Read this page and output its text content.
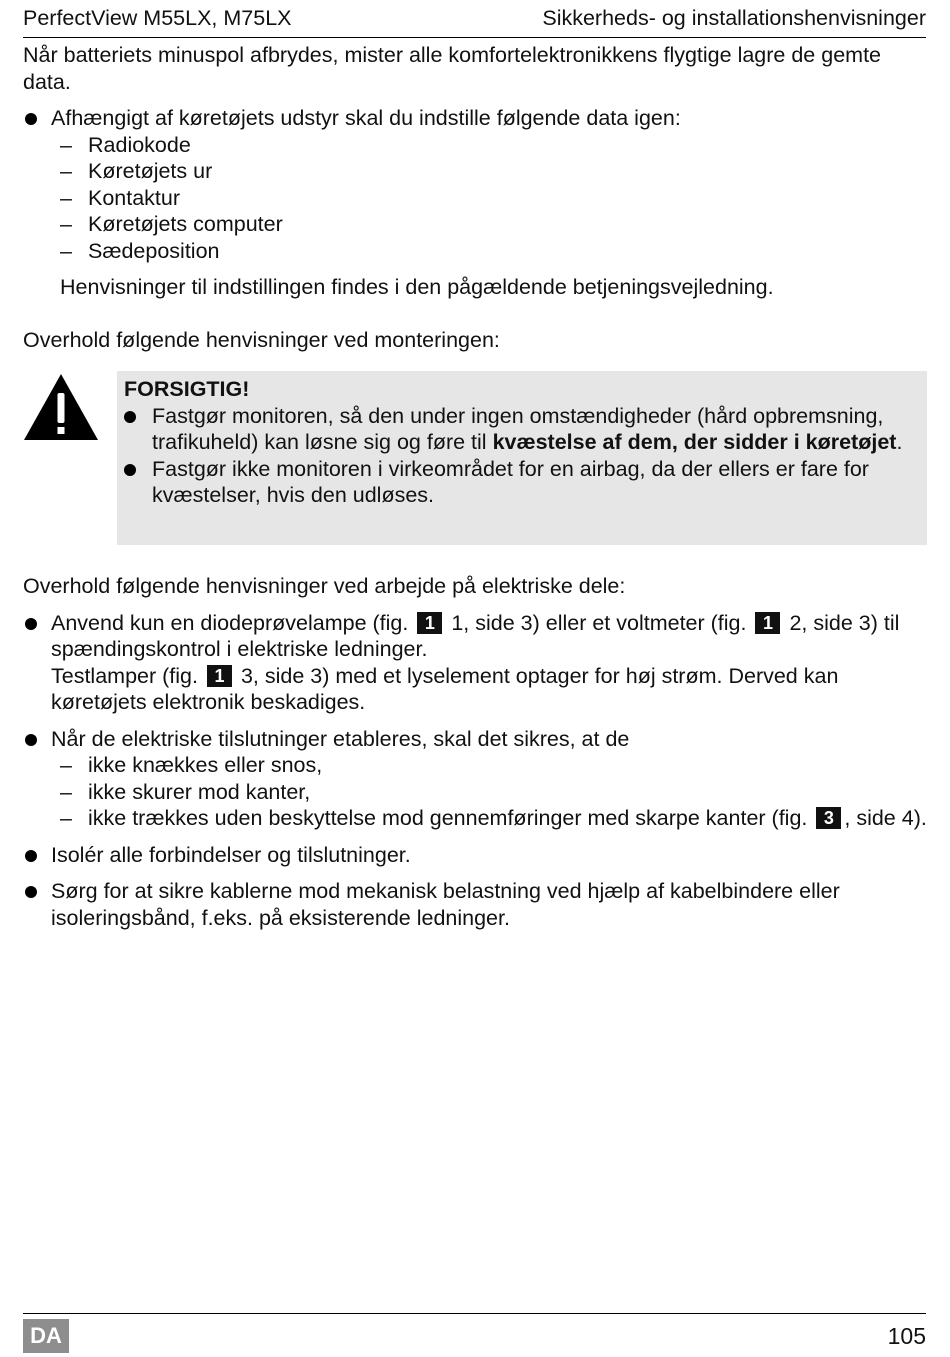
PerfectView M55LX, M75LX	Sikkerheds- og installationshenvisninger

Når batteriets minuspol afbrydes, mister alle komfortelektronikkens flygtige lagre de gemte data.

Afhængigt af køretøjets udstyr skal du indstille følgende data igen:
– Radiokode
– Køretøjets ur
– Kontaktur
– Køretøjets computer
– Sædeposition

Henvisninger til indstillingen findes i den pågældende betjeningsvejledning.

Overhold følgende henvisninger ved monteringen:

FORSIGTIG!
Fastgør monitoren, så den under ingen omstændigheder (hård opbremsning, trafikuheld) kan løsne sig og føre til kvæstelse af dem, der sidder i køretøjet.
Fastgør ikke monitoren i virkeområdet for en airbag, da der ellers er fare for kvæstelser, hvis den udløses.

Overhold følgende henvisninger ved arbejde på elektriske dele:

Anvend kun en diodeprøvelampe (fig. 1 1, side 3) eller et voltmeter (fig. 1 2, side 3) til spændingskontrol i elektriske ledninger.
Testlamper (fig. 1 3, side 3) med et lyselement optager for høj strøm. Derved kan køretøjets elektronik beskadiges.
Når de elektriske tilslutninger etableres, skal det sikres, at de
– ikke knækkes eller snos,
– ikke skurer mod kanter,
– ikke trækkes uden beskyttelse mod gennemføringer med skarpe kanter (fig. 3 , side 4).
Isolér alle forbindelser og tilslutninger.
Sørg for at sikre kablerne mod mekanisk belastning ved hjælp af kabelbindere eller isoleringsbånd, f.eks. på eksisterende ledninger.
DA	105
